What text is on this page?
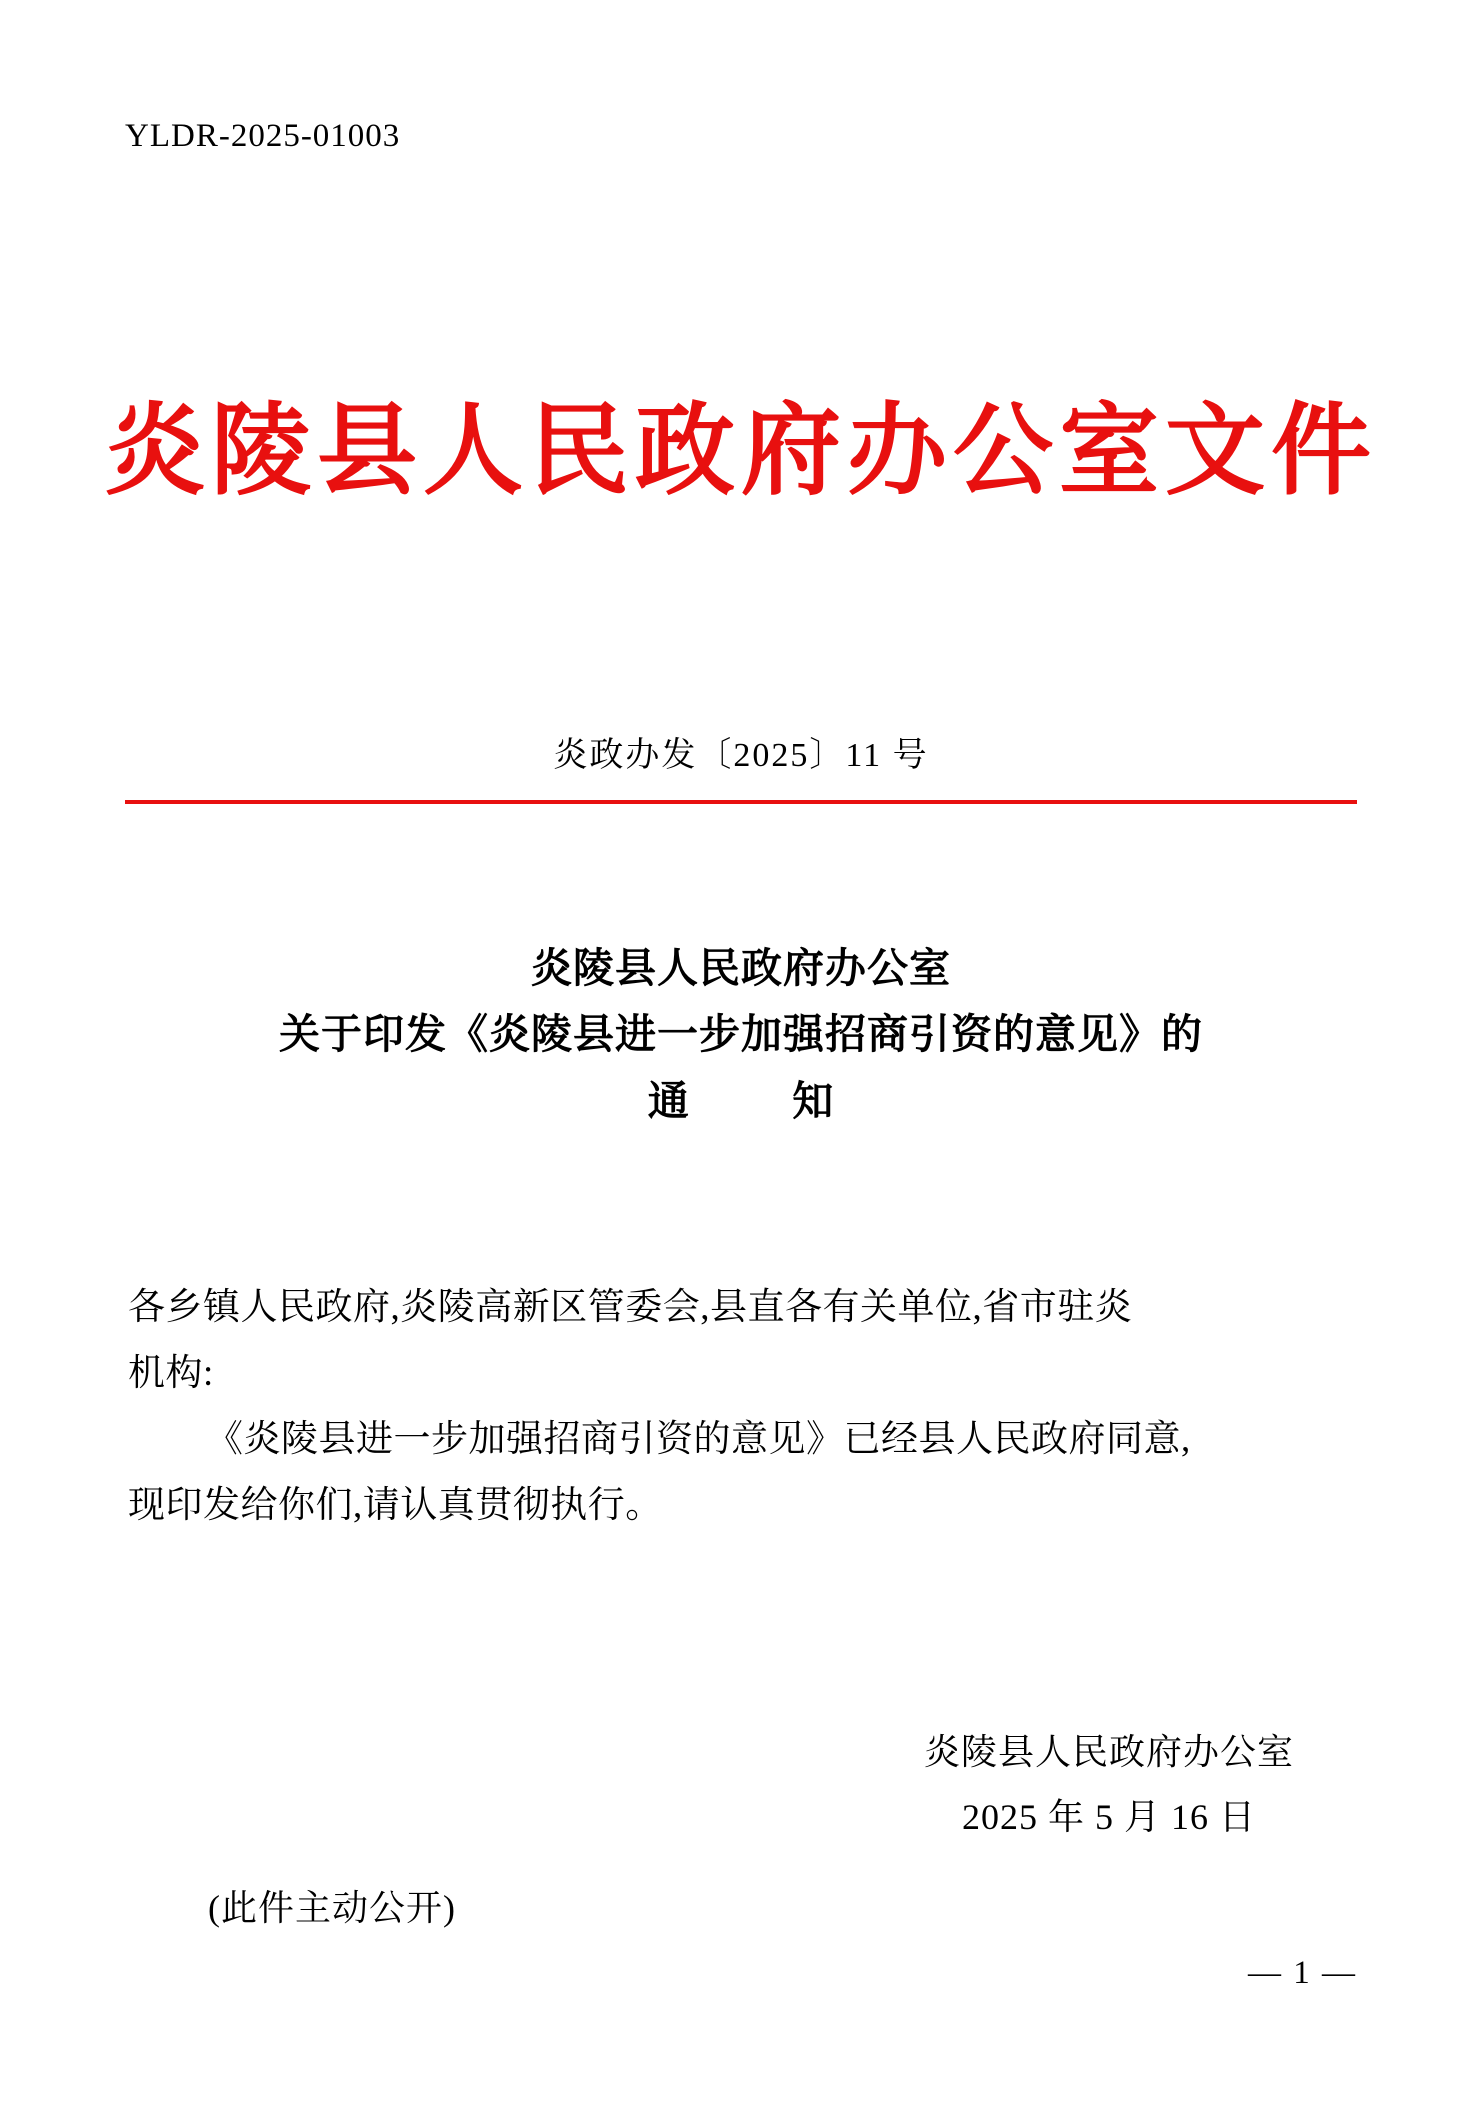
YLDR-2025-01003
炎陵县人民政府办公室文件
炎政办发〔2025〕11 号
炎陵县人民政府办公室
关于印发《炎陵县进一步加强招商引资的意见》的
通	知

各乡镇人民政府,炎陵高新区管委会,县直各有关单位,省市驻炎

机构:

《炎陵县进一步加强招商引资的意见》已经县人民政府同意,

现印发给你们,请认真贯彻执行。

炎陵县人民政府办公室
2025 年 5 月 16 日
(此件主动公开)
— 1 —
